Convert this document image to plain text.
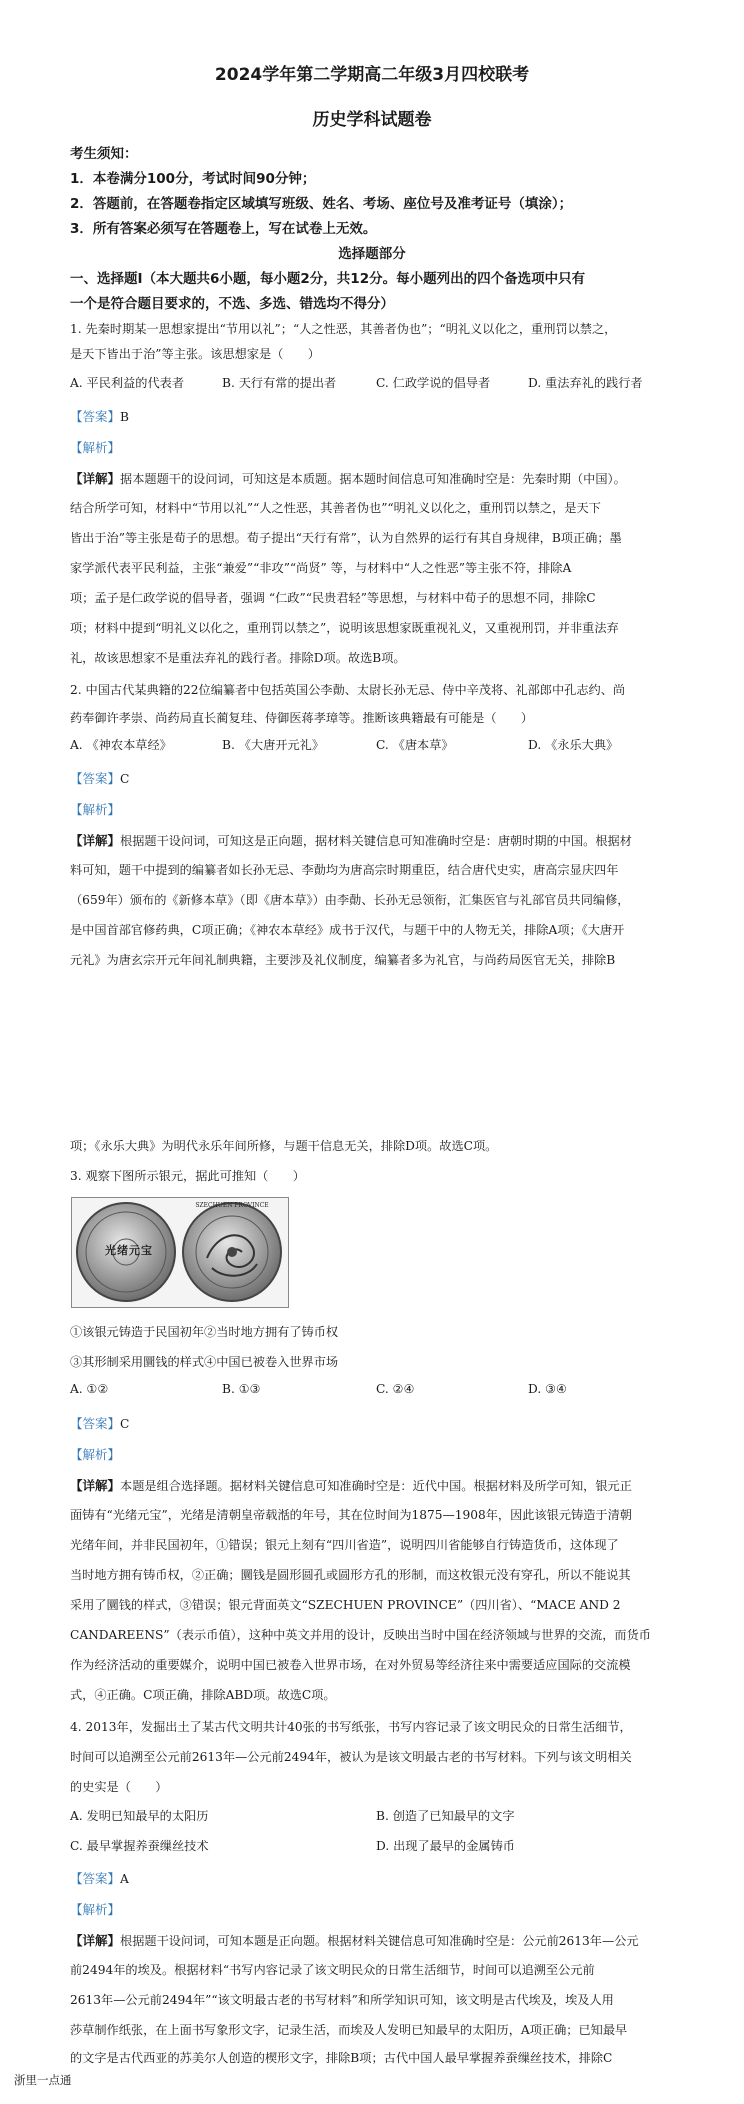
2024学年第二学期高二年级3月四校联考
历史学科试题卷
考生须知：
1．本卷满分100分，考试时间90分钟；
2．答题前，在答题卷指定区域填写班级、姓名、考场、座位号及准考证号（填涂）；
3．所有答案必须写在答题卷上，写在试卷上无效。
选择题部分
一、选择题Ⅰ（本大题共6小题，每小题2分，共12分。每小题列出的四个备选项中只有
一个是符合题目要求的，不选、多选、错选均不得分）
1. 先秦时期某一思想家提出“节用以礼”；“人之性恶，其善者伪也”；“明礼义以化之，重刑罚以禁之，
是天下皆出于治”等主张。该思想家是（　　）
A. 平民利益的代表者	B. 天行有常的提出者	C. 仁政学说的倡导者	D. 重法弃礼的践行者
【答案】B
【解析】
【详解】据本题题干的设问词，可知这是本质题。据本题时间信息可知准确时空是：先秦时期（中国）。
结合所学可知，材料中“节用以礼”“人之性恶，其善者伪也”“明礼义以化之，重刑罚以禁之，是天下
皆出于治”等主张是荀子的思想。荀子提出“天行有常”，认为自然界的运行有其自身规律，B项正确；墨
家学派代表平民利益，主张“兼爱”“非攻”“尚贤” 等，与材料中“人之性恶”等主张不符，排除A
项；孟子是仁政学说的倡导者，强调 “仁政”“民贵君轻”等思想，与材料中荀子的思想不同，排除C
项；材料中提到“明礼义以化之，重刑罚以禁之”，说明该思想家既重视礼义，又重视刑罚，并非重法弃
礼，故该思想家不是重法弃礼的践行者。排除D项。故选B项。
2. 中国古代某典籍的22位编纂者中包括英国公李勣、太尉长孙无忌、侍中辛茂将、礼部郎中孔志约、尚
药奉御许孝崇、尚药局直长蔺复珪、侍御医蒋孝璋等。推断该典籍最有可能是（　　）
A. 《神农本草经》	B. 《大唐开元礼》	C. 《唐本草》	D. 《永乐大典》
【答案】C
【解析】
【详解】根据题干设问词，可知这是正向题，据材料关键信息可知准确时空是：唐朝时期的中国。根据材
料可知，题干中提到的编纂者如长孙无忌、李勣均为唐高宗时期重臣，结合唐代史实，唐高宗显庆四年
（659年）颁布的《新修本草》（即《唐本草》）由李勣、长孙无忌领衔，汇集医官与礼部官员共同编修，
是中国首部官修药典，C项正确；《神农本草经》成书于汉代，与题干中的人物无关，排除A项；《大唐开
元礼》为唐玄宗开元年间礼制典籍，主要涉及礼仪制度，编纂者多为礼官，与尚药局医官无关，排除B
项；《永乐大典》为明代永乐年间所修，与题干信息无关，排除D项。故选C项。
3. 观察下图所示银元，据此可推知（　　）
光绪元宝
SZECHUEN PROVINCE
①该银元铸造于民国初年②当时地方拥有了铸币权
③其形制采用圜钱的样式④中国已被卷入世界市场
A. ①②	B. ①③	C. ②④	D. ③④
【答案】C
【解析】
【详解】本题是组合选择题。据材料关键信息可知准确时空是：近代中国。根据材料及所学可知，银元正
面铸有“光绪元宝”，光绪是清朝皇帝载湉的年号，其在位时间为1875—1908年，因此该银元铸造于清朝
光绪年间，并非民国初年，①错误；银元上刻有“四川省造”，说明四川省能够自行铸造货币，这体现了
当时地方拥有铸币权，②正确；圜钱是圆形圆孔或圆形方孔的形制，而这枚银元没有穿孔，所以不能说其
采用了圜钱的样式，③错误；银元背面英文“SZECHUEN PROVINCE”（四川省）、“MACE AND 2
CANDAREENS”（表示币值），这种中英文并用的设计，反映出当时中国在经济领域与世界的交流，而货币
作为经济活动的重要媒介，说明中国已被卷入世界市场，在对外贸易等经济往来中需要适应国际的交流模
式，④正确。C项正确，排除ABD项。故选C项。
4. 2013年，发掘出土了某古代文明共计40张的书写纸张，书写内容记录了该文明民众的日常生活细节，
时间可以追溯至公元前2613年—公元前2494年，被认为是该文明最古老的书写材料。下列与该文明相关
的史实是（　　）
A. 发明已知最早的太阳历	B. 创造了已知最早的文字
C. 最早掌握养蚕缫丝技术	D. 出现了最早的金属铸币
【答案】A
【解析】
【详解】根据题干设问词，可知本题是正向题。根据材料关键信息可知准确时空是：公元前2613年—公元
前2494年的埃及。根据材料“书写内容记录了该文明民众的日常生活细节，时间可以追溯至公元前
2613年—公元前2494年”“该文明最古老的书写材料”和所学知识可知，该文明是古代埃及，埃及人用
莎草制作纸张，在上面书写象形文字，记录生活，而埃及人发明已知最早的太阳历，A项正确；已知最早
的文字是古代西亚的苏美尔人创造的楔形文字，排除B项；古代中国人最早掌握养蚕缫丝技术，排除C
浙里一点通
